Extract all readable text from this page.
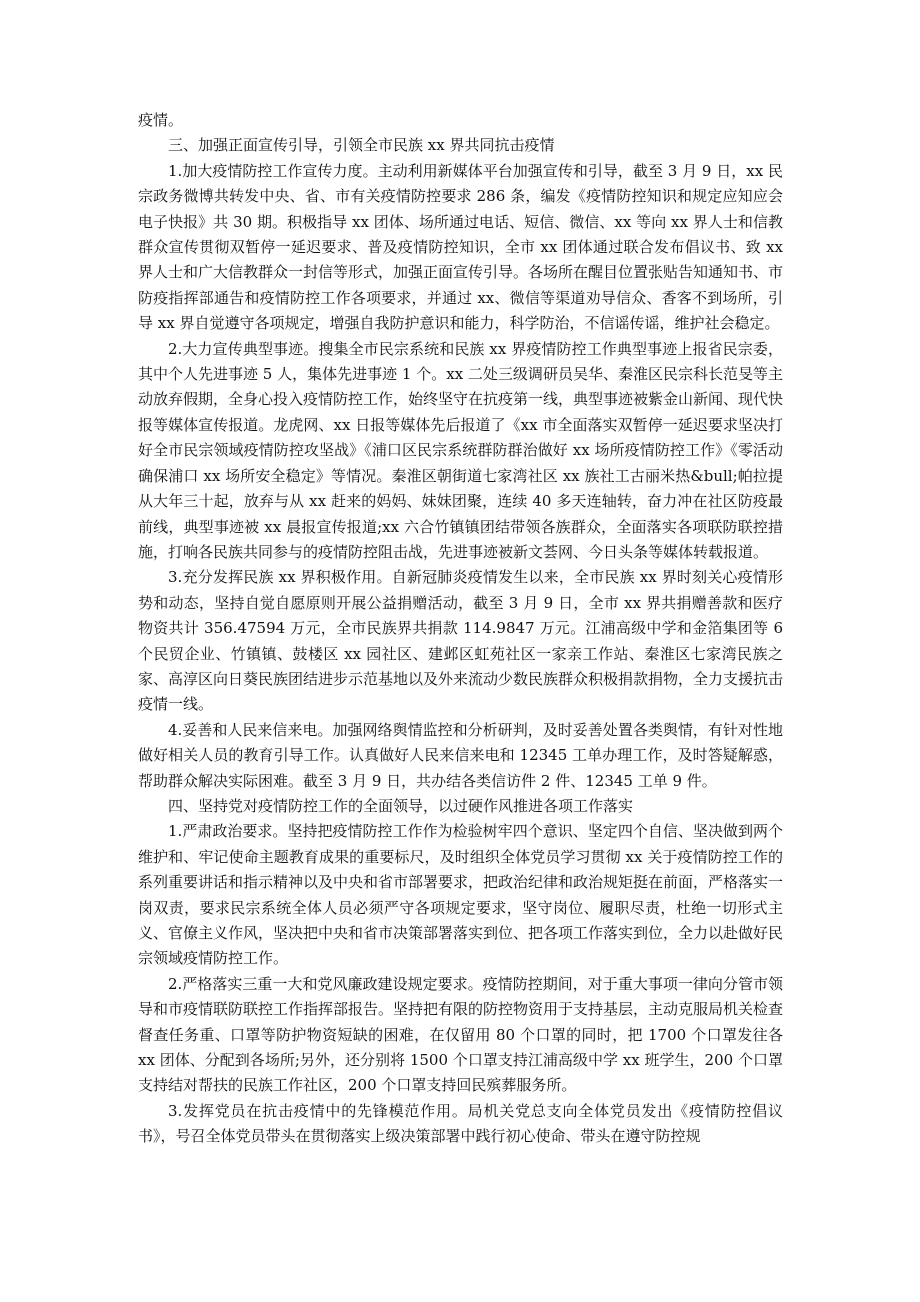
疫情。

三、加强正面宣传引导，引领全市民族 xx 界共同抗击疫情

1.加大疫情防控工作宣传力度。主动利用新媒体平台加强宣传和引导，截至 3 月 9 日，xx 民宗政务微博共转发中央、省、市有关疫情防控要求 286 条，编发《疫情防控知识和规定应知应会电子快报》共 30 期。积极指导 xx 团体、场所通过电话、短信、微信、xx 等向 xx 界人士和信教群众宣传贯彻双暂停一延迟要求、普及疫情防控知识，全市 xx 团体通过联合发布倡议书、致 xx 界人士和广大信教群众一封信等形式，加强正面宣传引导。各场所在醒目位置张贴告知通知书、市防疫指挥部通告和疫情防控工作各项要求，并通过 xx、微信等渠道劝导信众、香客不到场所，引导 xx 界自觉遵守各项规定，增强自我防护意识和能力，科学防治，不信谣传谣，维护社会稳定。

2.大力宣传典型事迹。搜集全市民宗系统和民族 xx 界疫情防控工作典型事迹上报省民宗委，其中个人先进事迹 5 人，集体先进事迹 1 个。xx 二处三级调研员吴华、秦淮区民宗科长范旻等主动放弃假期，全身心投入疫情防控工作，始终坚守在抗疫第一线，典型事迹被紫金山新闻、现代快报等媒体宣传报道。龙虎网、xx 日报等媒体先后报道了《xx 市全面落实双暂停一延迟要求坚决打好全市民宗领域疫情防控攻坚战》《浦口区民宗系统群防群治做好 xx 场所疫情防控工作》《零活动确保浦口 xx 场所安全稳定》等情况。秦淮区朝街道七家湾社区 xx 族社工古丽米热&bull;帕拉提从大年三十起，放弃与从 xx 赶来的妈妈、妹妹团聚，连续 40 多天连轴转，奋力冲在社区防疫最前线，典型事迹被 xx 晨报宣传报道;xx 六合竹镇镇团结带领各族群众，全面落实各项联防联控措施，打响各民族共同参与的疫情防控阻击战，先进事迹被新文荟网、今日头条等媒体转载报道。

3.充分发挥民族 xx 界积极作用。自新冠肺炎疫情发生以来，全市民族 xx 界时刻关心疫情形势和动态，坚持自觉自愿原则开展公益捐赠活动，截至 3 月 9 日，全市 xx 界共捐赠善款和医疗物资共计 356.47594 万元，全市民族界共捐款 114.9847 万元。江浦高级中学和金箔集团等 6 个民贸企业、竹镇镇、鼓楼区 xx 园社区、建邺区虹苑社区一家亲工作站、秦淮区七家湾民族之家、高淳区向日葵民族团结进步示范基地以及外来流动少数民族群众积极捐款捐物，全力支援抗击疫情一线。

4.妥善和人民来信来电。加强网络舆情监控和分析研判，及时妥善处置各类舆情，有针对性地做好相关人员的教育引导工作。认真做好人民来信来电和 12345 工单办理工作，及时答疑解惑，帮助群众解决实际困难。截至 3 月 9 日，共办结各类信访件 2 件、12345 工单 9 件。

四、坚持党对疫情防控工作的全面领导，以过硬作风推进各项工作落实

1.严肃政治要求。坚持把疫情防控工作作为检验树牢四个意识、坚定四个自信、坚决做到两个维护和、牢记使命主题教育成果的重要标尺，及时组织全体党员学习贯彻 xx 关于疫情防控工作的系列重要讲话和指示精神以及中央和省市部署要求，把政治纪律和政治规矩挺在前面，严格落实一岗双责，要求民宗系统全体人员必须严守各项规定要求，坚守岗位、履职尽责，杜绝一切形式主义、官僚主义作风，坚决把中央和省市决策部署落实到位、把各项工作落实到位，全力以赴做好民宗领域疫情防控工作。

2.严格落实三重一大和党风廉政建设规定要求。疫情防控期间，对于重大事项一律向分管市领导和市疫情联防联控工作指挥部报告。坚持把有限的防控物资用于支持基层，主动克服局机关检查督查任务重、口罩等防护物资短缺的困难，在仅留用 80 个口罩的同时，把 1700 个口罩发往各 xx 团体、分配到各场所;另外，还分别将 1500 个口罩支持江浦高级中学 xx 班学生，200 个口罩支持结对帮扶的民族工作社区，200 个口罩支持回民殡葬服务所。

3.发挥党员在抗击疫情中的先锋模范作用。局机关党总支向全体党员发出《疫情防控倡议书》，号召全体党员带头在贯彻落实上级决策部署中践行初心使命、带头在遵守防控规
